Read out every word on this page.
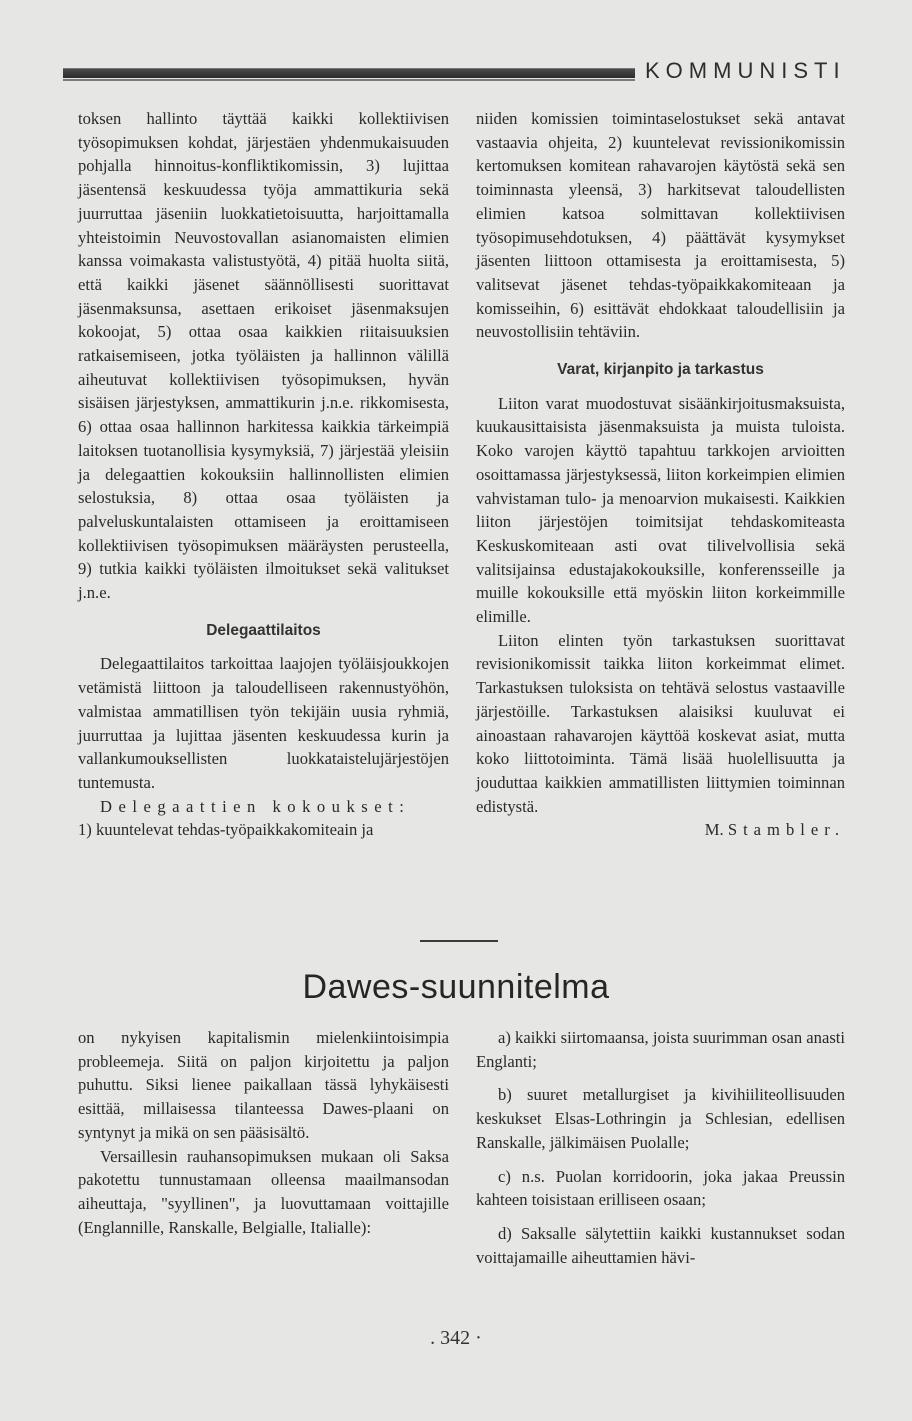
KOMMUNISTI

toksen hallinto täyttää kaikki kollektiivisen työsopimuksen kohdat, järjestäen yhdenmukaisuuden pohjalla hinnoitus-konfliktikomissin, 3) lujittaa jäsentensä keskuudessa työja ammattikuria sekä juurruttaa jäseniin luokkatietoisuutta, harjoittamalla yhteistoimin Neuvostovallan asianomaisten elimien kanssa voimakasta valistustyötä, 4) pitää huolta siitä, että kaikki jäsenet säännöllisesti suorittavat jäsenmaksunsa, asettaen erikoiset jäsenmaksujen kokoojat, 5) ottaa osaa kaikkien riitaisuuksien ratkaisemiseen, jotka työläisten ja hallinnon välillä aiheutuvat kollektiivisen työsopimuksen, hyvän sisäisen järjestyksen, ammattikurin j.n.e. rikkomisesta, 6) ottaa osaa hallinnon harkitessa kaikkia tärkeimpiä laitoksen tuotanollisia kysymyksiä, 7) järjestää yleisiin ja delegaattien kokouksiin hallinnollisten elimien selostuksia, 8) ottaa osaa työläisten ja palveluskuntalaisten ottamiseen ja eroittamiseen kollektiivisen työsopimuksen määräysten perusteella, 9) tutkia kaikki työläisten ilmoitukset sekä valitukset j.n.e.

Delegaattilaitos

Delegaattilaitos tarkoittaa laajojen työläisjoukkojen vetämistä liittoon ja taloudelliseen rakennustyöhön, valmistaa ammatillisen työn tekijäin uusia ryhmiä, juurruttaa ja lujittaa jäsenten keskuudessa kurin ja vallankumouksellisten luokkataistelujärjestöjen tuntemusta.

Delegaattien kokoukset:

1) kuuntelevat tehdas-työpaikkakomiteain ja

niiden komissien toimintaselostukset sekä antavat vastaavia ohjeita, 2) kuuntelevat revissionikomissin kertomuksen komitean rahavarojen käytöstä sekä sen toiminnasta yleensä, 3) harkitsevat taloudellisten elimien katsoa solmittavan kollektiivisen työsopimusehdotuksen, 4) päättävät kysymykset jäsenten liittoon ottamisesta ja eroittamisesta, 5) valitsevat jäsenet tehdas-työpaikkakomiteaan ja komisseihin, 6) esittävät ehdokkaat taloudellisiin ja neuvostollisiin tehtäviin.

Varat, kirjanpito ja tarkastus

Liiton varat muodostuvat sisäänkirjoitusmaksuista, kuukausittaisista jäsenmaksuista ja muista tuloista. Koko varojen käyttö tapahtuu tarkkojen arvioitten osoittamassa järjestyksessä, liiton korkeimpien elimien vahvistaman tulo- ja menoarvion mukaisesti. Kaikkien liiton järjestöjen toimitsijat tehdaskomiteasta Keskuskomiteaan asti ovat tilivelvollisia sekä valitsijainsa edustajakokouksille, konferensseille ja muille kokouksille että myöskin liiton korkeimmille elimille.

Liiton elinten työn tarkastuksen suorittavat revisionikomissit taikka liiton korkeimmat elimet. Tarkastuksen tuloksista on tehtävä selostus vastaaville järjestöille. Tarkastuksen alaisiksi kuuluvat ei ainoastaan rahavarojen käyttöä koskevat asiat, mutta koko liittotoiminta. Tämä lisää huolellisuutta ja jouduttaa kaikkien ammatillisten liittymien toiminnan edistystä.

M. Stambler.

Dawes-suunnitelma

on nykyisen kapitalismin mielenkiintoisimpia probleemeja. Siitä on paljon kirjoitettu ja paljon puhuttu. Siksi lienee paikallaan tässä lyhykäisesti esittää, millaisessa tilanteessa Dawes-plaani on syntynyt ja mikä on sen pääsisältö.

Versaillesin rauhansopimuksen mukaan oli Saksa pakotettu tunnustamaan olleensa maailmansodan aiheuttaja, "syyllinen", ja luovuttamaan voittajille (Englannille, Ranskalle, Belgialle, Italialle):

a) kaikki siirtomaansa, joista suurimman osan anasti Englanti;

b) suuret metallurgiset ja kivihiiliteollisuuden keskukset Elsas-Lothringin ja Schlesian, edellisen Ranskalle, jälkimäisen Puolalle;

c) n.s. Puolan korridoorin, joka jakaa Preussin kahteen toisistaan erilliseen osaan;

d) Saksalle sälytettiin kaikki kustannukset sodan voittajamaille aiheuttamien hävi-

. 342 ·
